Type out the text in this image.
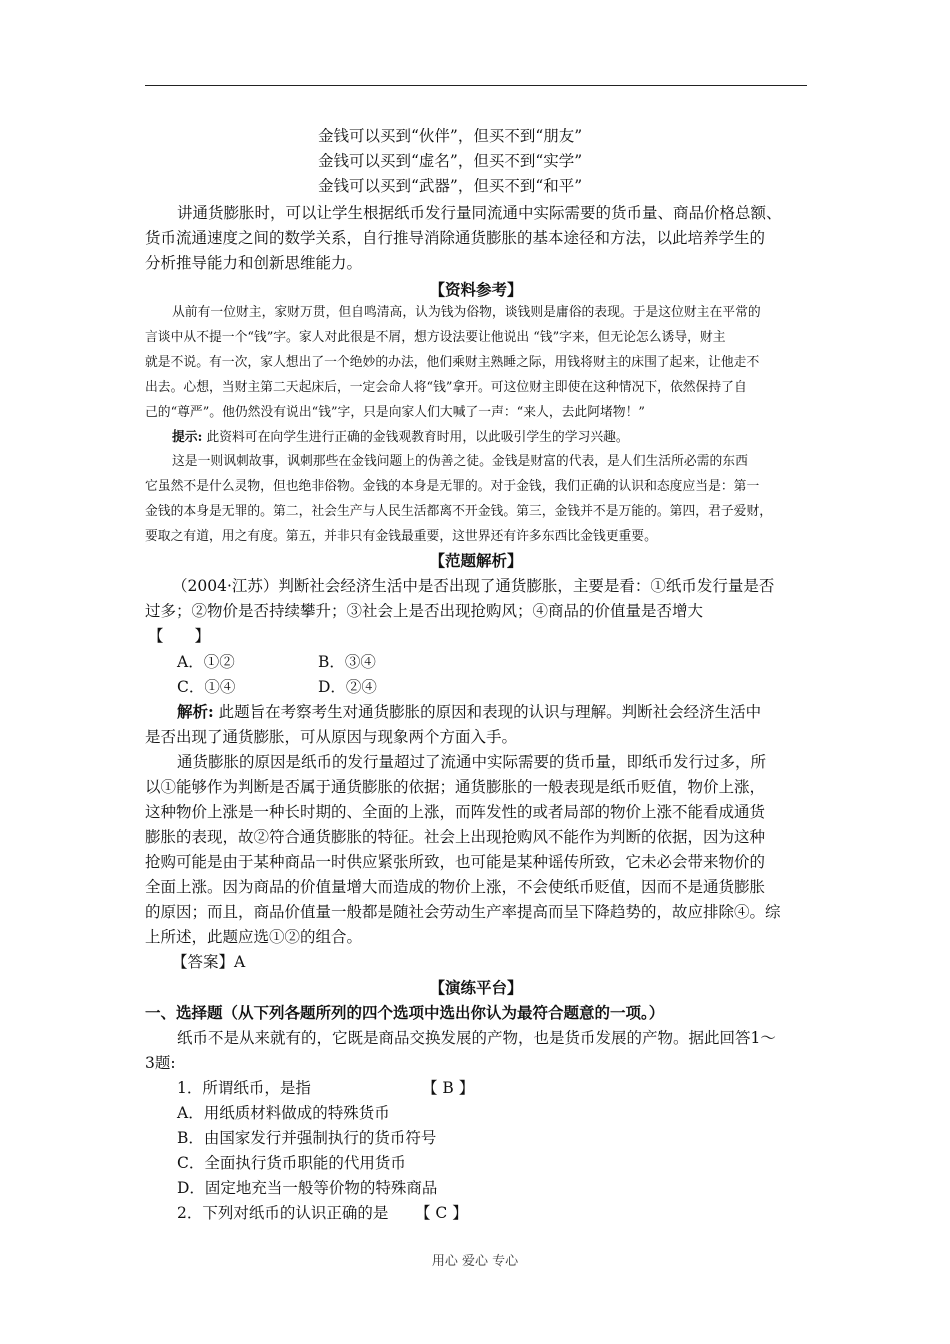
金钱可以买到“伙伴”，但买不到“朋友”
金钱可以买到“虚名”，但买不到“实学”
金钱可以买到“武器”，但买不到“和平”
讲通货膨胀时，可以让学生根据纸币发行量同流通中实际需要的货币量、商品价格总额、
货币流通速度之间的数学关系，自行推导消除通货膨胀的基本途径和方法，以此培养学生的
分析推导能力和创新思维能力。
【资料参考】
从前有一位财主，家财万贯，但自鸣清高，认为钱为俗物，谈钱则是庸俗的表现。于是这位财主在平常的
言谈中从不提一个“钱”字。家人对此很是不屑，想方设法要让他说出 “钱”字来，但无论怎么诱导，财主
就是不说。有一次，家人想出了一个绝妙的办法，他们乘财主熟睡之际，用钱将财主的床围了起来，让他走不
出去。心想，当财主第二天起床后，一定会命人将“钱”拿开。可这位财主即使在这种情况下，依然保持了自
己的“尊严”。他仍然没有说出“钱”字，只是向家人们大喊了一声：“来人，去此阿堵物！”
提示: 此资料可在向学生进行正确的金钱观教育时用，以此吸引学生的学习兴趣。
这是一则讽刺故事，讽刺那些在金钱问题上的伪善之徒。金钱是财富的代表，是人们生活所必需的东西
它虽然不是什么灵物，但也绝非俗物。金钱的本身是无罪的。对于金钱，我们正确的认识和态度应当是：第一
金钱的本身是无罪的。第二，社会生产与人民生活都离不开金钱。第三，金钱并不是万能的。第四，君子爱财，
要取之有道，用之有度。第五，并非只有金钱最重要，这世界还有许多东西比金钱更重要。
【范题解析】
（2004·江苏）判断社会经济生活中是否出现了通货膨胀，主要是看：①纸币发行量是否
过多；②物价是否持续攀升；③社会上是否出现抢购风；④商品的价值量是否增大
【　　】
A．①②	B．③④
C．①④	D．②④
解析: 此题旨在考察考生对通货膨胀的原因和表现的认识与理解。判断社会经济生活中
是否出现了通货膨胀，可从原因与现象两个方面入手。
通货膨胀的原因是纸币的发行量超过了流通中实际需要的货币量，即纸币发行过多，所
以①能够作为判断是否属于通货膨胀的依据；通货膨胀的一般表现是纸币贬值，物价上涨，
这种物价上涨是一种长时期的、全面的上涨，而阵发性的或者局部的物价上涨不能看成通货
膨胀的表现，故②符合通货膨胀的特征。社会上出现抢购风不能作为判断的依据，因为这种
抢购可能是由于某种商品一时供应紧张所致，也可能是某种谣传所致，它未必会带来物价的
全面上涨。因为商品的价值量增大而造成的物价上涨，不会使纸币贬值，因而不是通货膨胀
的原因；而且，商品价值量一般都是随社会劳动生产率提高而呈下降趋势的，故应排除④。综
上所述，此题应选①②的组合。
【答案】A
【演练平台】
一、选择题（从下列各题所列的四个选项中选出你认为最符合题意的一项。）
纸币不是从来就有的，它既是商品交换发展的产物，也是货币发展的产物。据此回答1～
3题:
1．所谓纸币，是指	【 B 】
A．用纸质材料做成的特殊货币
B．由国家发行并强制执行的货币符号
C．全面执行货币职能的代用货币
D．固定地充当一般等价物的特殊商品
2．下列对纸币的认识正确的是 【 C 】
用心 爱心 专心
